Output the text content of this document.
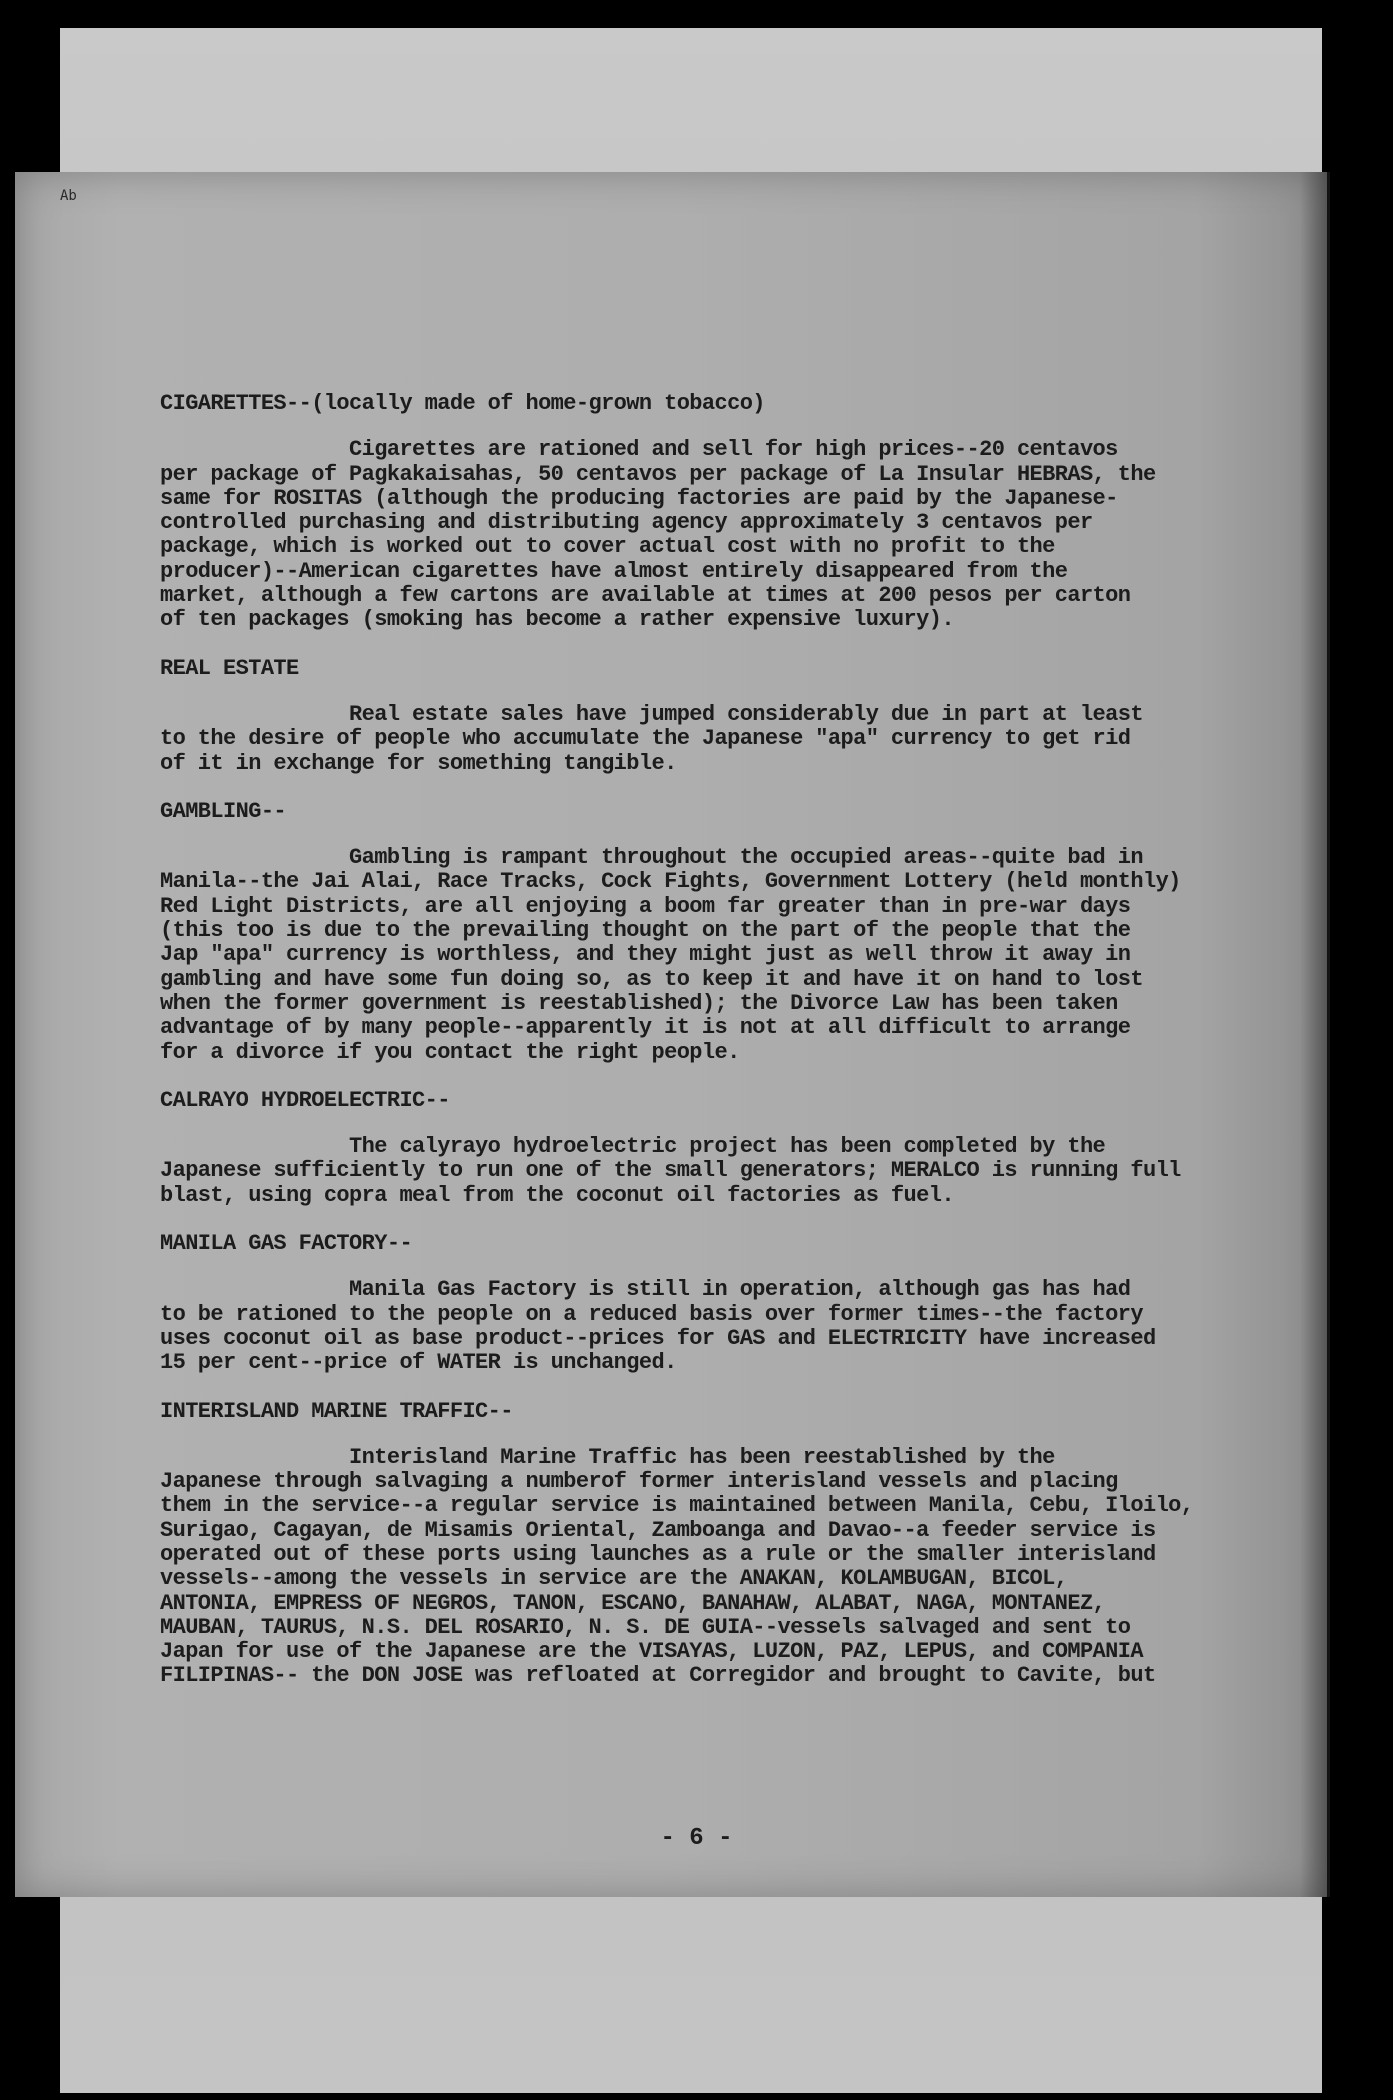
Ab
CIGARETTES--(locally made of home-grown tobacco)
Cigarettes are rationed and sell for high prices--20 centavos
per package of Pagkakaisahas, 50 centavos per package of La Insular HEBRAS, the
same for ROSITAS (although the producing factories are paid by the Japanese-
controlled purchasing and distributing agency approximately 3 centavos per
package, which is worked out to cover actual cost with no profit to the
producer)--American cigarettes have almost entirely disappeared from the
market, although a few cartons are available at times at 200 pesos per carton
of ten packages (smoking has become a rather expensive luxury).
REAL ESTATE
Real estate sales have jumped considerably due in part at least
to the desire of people who accumulate the Japanese "apa" currency to get rid
of it in exchange for something tangible.
GAMBLING--
Gambling is rampant throughout the occupied areas--quite bad in
Manila--the Jai Alai, Race Tracks, Cock Fights, Government Lottery (held monthly)
Red Light Districts, are all enjoying a boom far greater than in pre-war days
(this too is due to the prevailing thought on the part of the people that the
Jap "apa" currency is worthless, and they might just as well throw it away in
gambling and have some fun doing so, as to keep it and have it on hand to lost
when the former government is reestablished); the Divorce Law has been taken
advantage of by many people--apparently it is not at all difficult to arrange
for a divorce if you contact the right people.
CALRAYO HYDROELECTRIC--
The calyrayo hydroelectric project has been completed by the
Japanese sufficiently to run one of the small generators; MERALCO is running full
blast, using copra meal from the coconut oil factories as fuel.
MANILA GAS FACTORY--
Manila Gas Factory is still in operation, although gas has had
to be rationed to the people on a reduced basis over former times--the factory
uses coconut oil as base product--prices for GAS and ELECTRICITY have increased
15 per cent--price of WATER is unchanged.
INTERISLAND MARINE TRAFFIC--
Interisland Marine Traffic has been reestablished by the
Japanese through salvaging a numberof former interisland vessels and placing
them in the service--a regular service is maintained between Manila, Cebu, Iloilo,
Surigao, Cagayan, de Misamis Oriental, Zamboanga and Davao--a feeder service is
operated out of these ports using launches as a rule or the smaller interisland
vessels--among the vessels in service are the ANAKAN, KOLAMBUGAN, BICOL,
ANTONIA, EMPRESS OF NEGROS, TANON, ESCANO, BANAHAW, ALABAT, NAGA, MONTANEZ,
MAUBAN, TAURUS, N.S. DEL ROSARIO, N. S. DE GUIA--vessels salvaged and sent to
Japan for use of the Japanese are the VISAYAS, LUZON, PAZ, LEPUS, and COMPANIA
FILIPINAS-- the DON JOSE was refloated at Corregidor and brought to Cavite, but
- 6 -
